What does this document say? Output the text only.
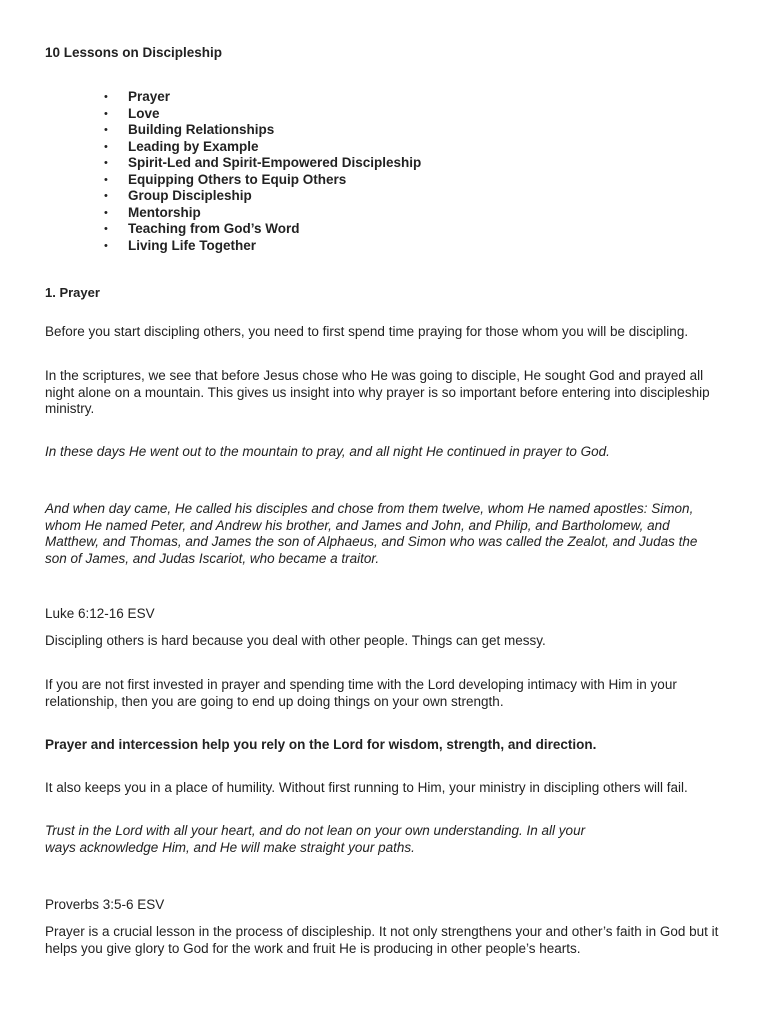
10 Lessons on Discipleship
• Prayer
• Love
• Building Relationships
• Leading by Example
• Spirit-Led and Spirit-Empowered Discipleship
• Equipping Others to Equip Others
• Group Discipleship
• Mentorship
• Teaching from God’s Word
• Living Life Together
1. Prayer
Before you start discipling others, you need to first spend time praying for those whom you will be discipling.
In the scriptures, we see that before Jesus chose who He was going to disciple, He sought God and prayed all night alone on a mountain. This gives us insight into why prayer is so important before entering into discipleship ministry.
In these days He went out to the mountain to pray, and all night He continued in prayer to God.
And when day came, He called his disciples and chose from them twelve, whom He named apostles: Simon, whom He named Peter, and Andrew his brother, and James and John, and Philip, and Bartholomew, and Matthew, and Thomas, and James the son of Alphaeus, and Simon who was called the Zealot, and Judas the son of James, and Judas Iscariot, who became a traitor.
Luke 6:12-16 ESV
Discipling others is hard because you deal with other people. Things can get messy.
If you are not first invested in prayer and spending time with the Lord developing intimacy with Him in your relationship, then you are going to end up doing things on your own strength.
Prayer and intercession help you rely on the Lord for wisdom, strength, and direction.
It also keeps you in a place of humility. Without first running to Him, your ministry in discipling others will fail.
Trust in the Lord with all your heart, and do not lean on your own understanding. In all your ways acknowledge Him, and He will make straight your paths.
Proverbs 3:5-6 ESV
Prayer is a crucial lesson in the process of discipleship. It not only strengthens your and other’s faith in God but it helps you give glory to God for the work and fruit He is producing in other people’s hearts.
